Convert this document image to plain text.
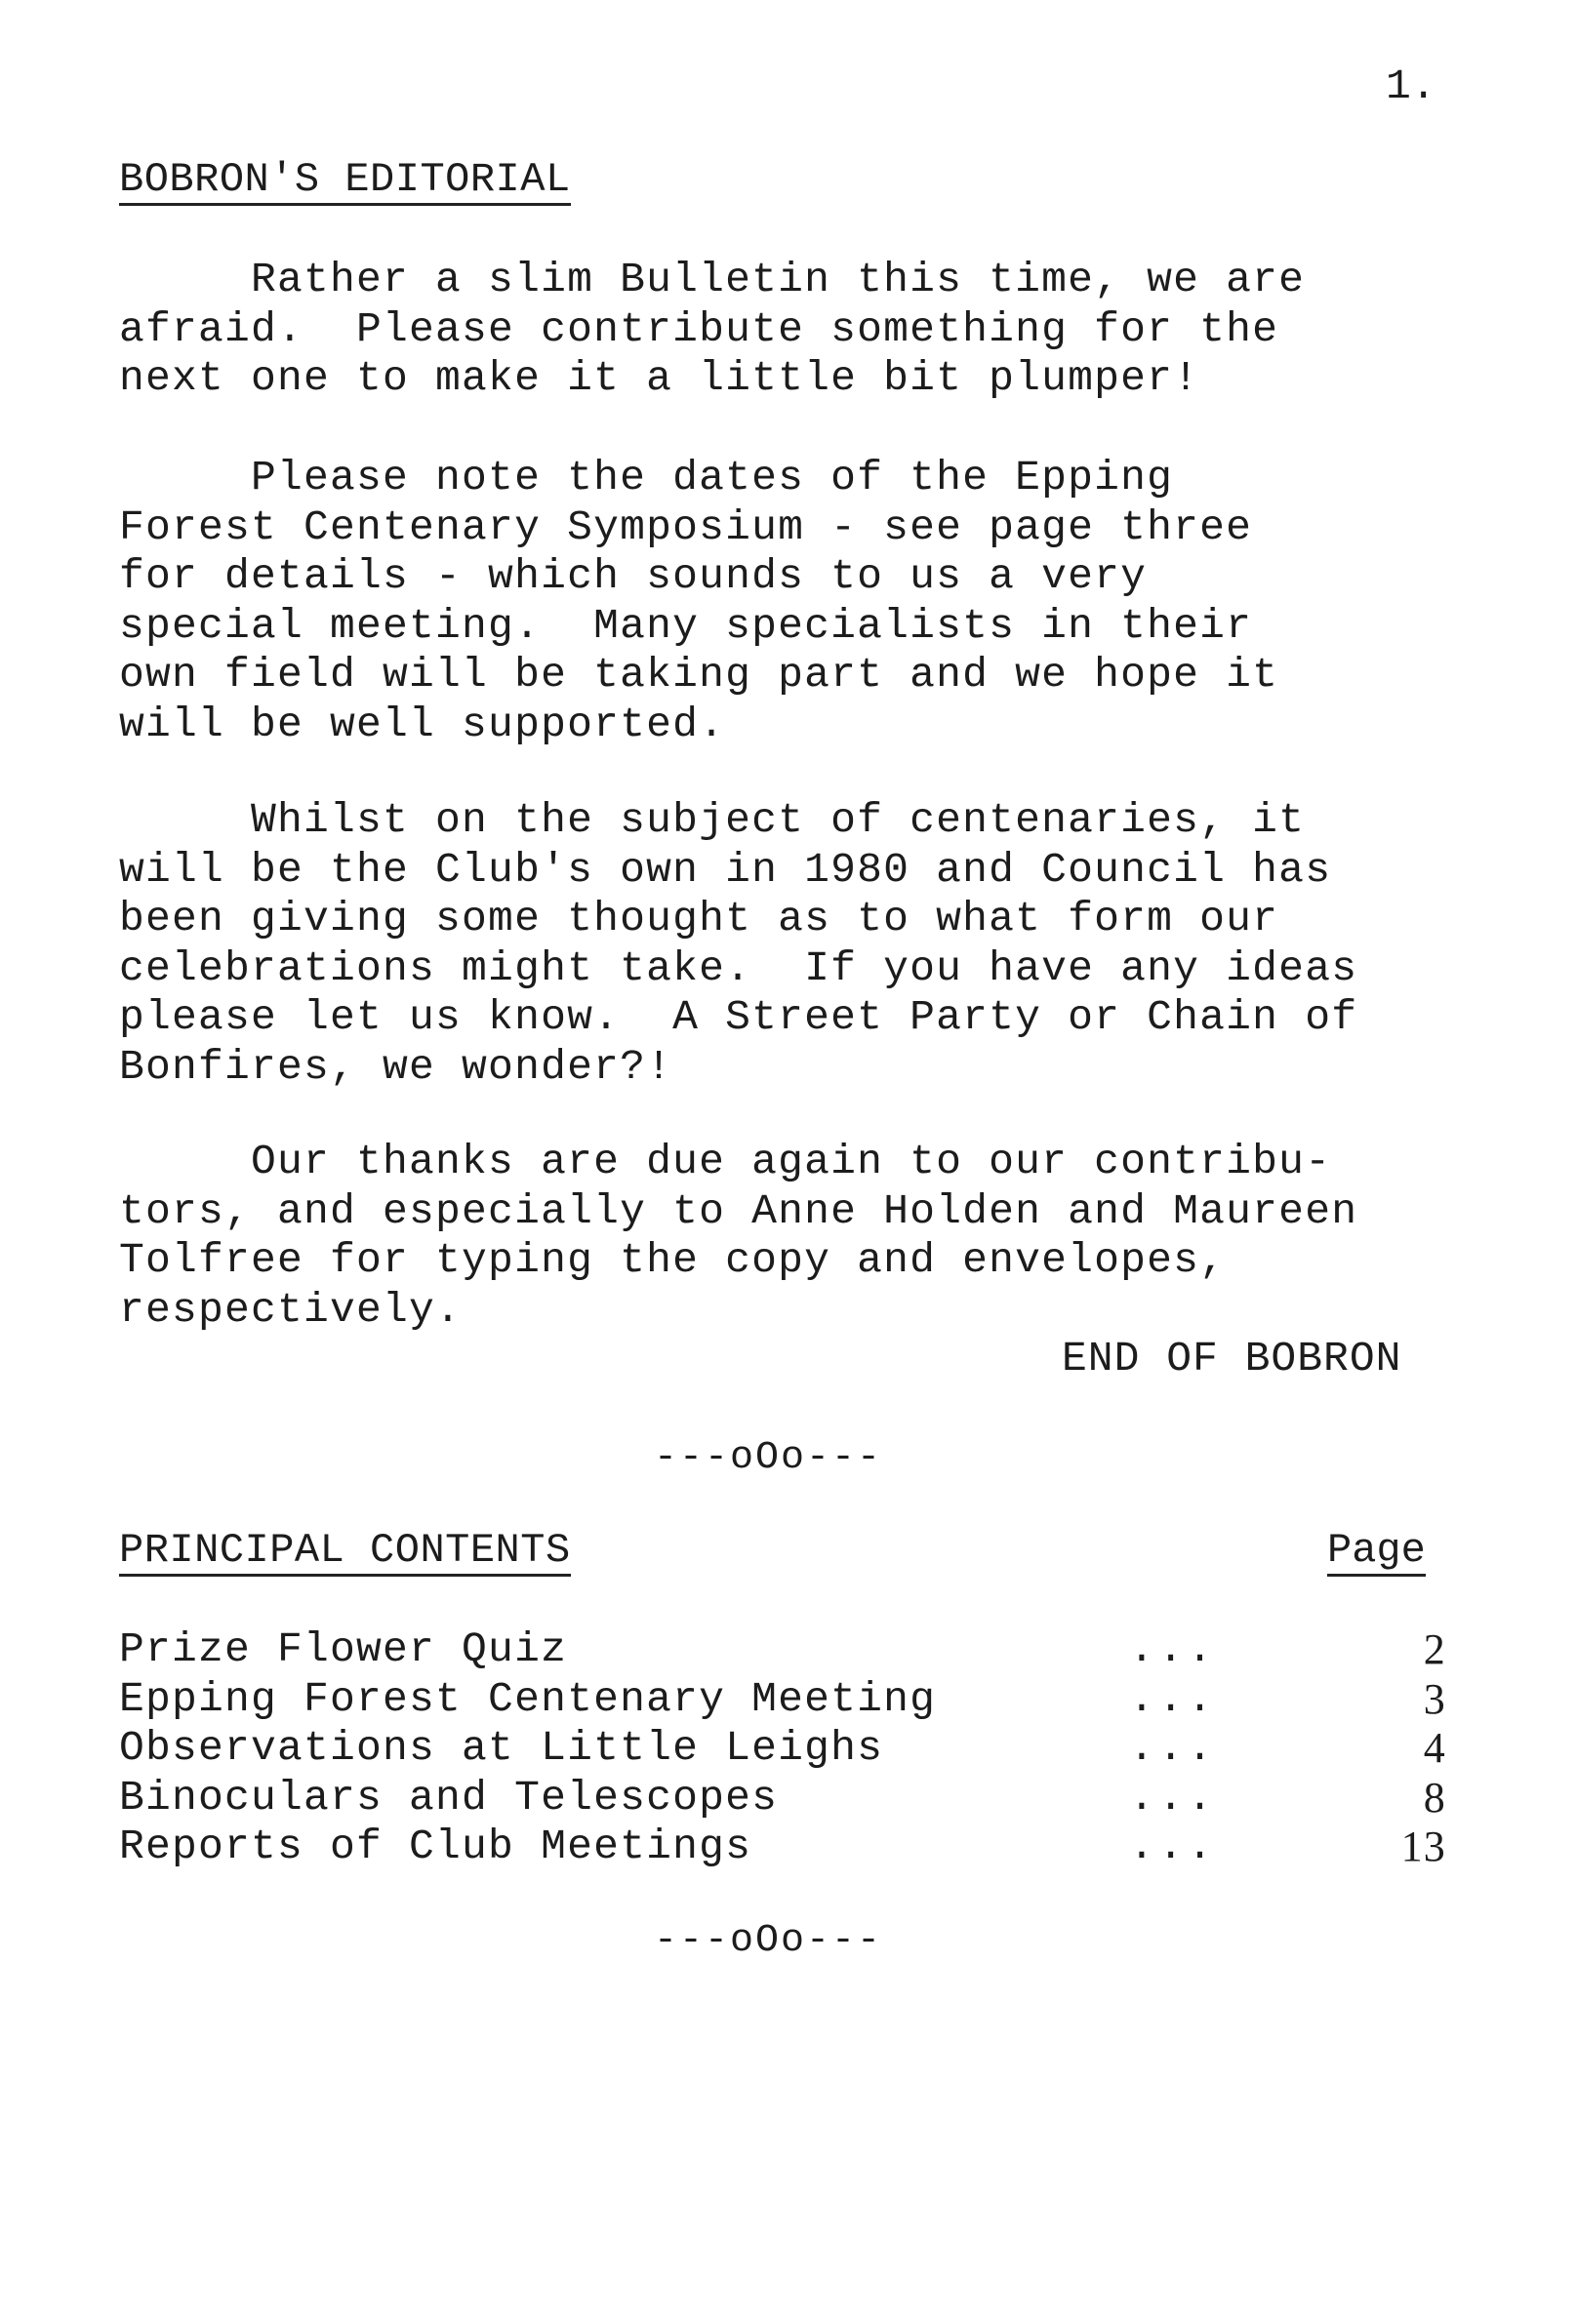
1.
BOBRON'S EDITORIAL

Rather a slim Bulletin this time, we are
afraid.  Please contribute something for the
next one to make it a little bit plumper!

Please note the dates of the Epping
Forest Centenary Symposium - see page three
for details - which sounds to us a very
special meeting.  Many specialists in their
own field will be taking part and we hope it
will be well supported.

Whilst on the subject of centenaries, it
will be the Club's own in 1980 and Council has
been giving some thought as to what form our
celebrations might take.  If you have any ideas
please let us know.  A Street Party or Chain of
Bonfires, we wonder?!

Our thanks are due again to our contribu-
tors, and especially to Anne Holden and Maureen
Tolfree for typing the copy and envelopes,
respectively.

END OF BOBRON
---oOo---
PRINCIPAL CONTENTS	Page
Prize Flower Quiz	...	2
Epping Forest Centenary Meeting	...	3
Observations at Little Leighs	...	4
Binoculars and Telescopes	...	8
Reports of Club Meetings	...	13
---oOo---
